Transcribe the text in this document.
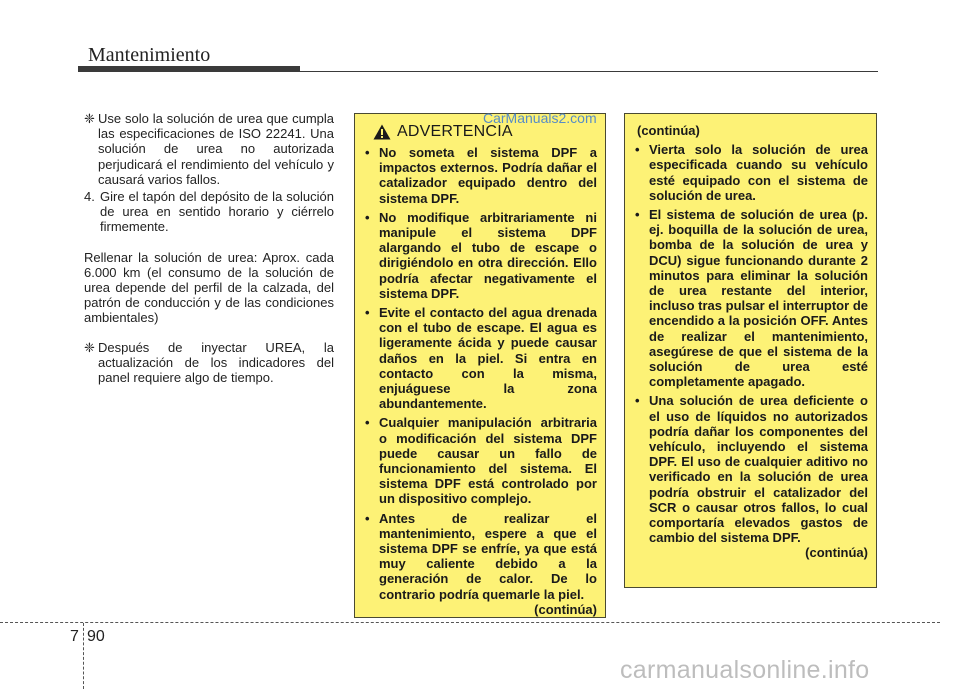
Mantenimiento
❈ Use solo la solución de urea que cumpla las especificaciones de ISO 22241. Una solución de urea no autorizada perjudicará el rendimiento del vehículo y causará varios fallos.
4. Gire el tapón del depósito de la solución de urea en sentido horario y ciérrelo firmemente.
Rellenar la solución de urea: Aprox. cada 6.000 km (el consumo de la solución de urea depende del perfil de la calzada, del patrón de conducción y de las condiciones ambientales)
❈ Después de inyectar UREA, la actualización de los indicadores del panel requiere algo de tiempo.
CarManuals2.com
ADVERTENCIA
• No someta el sistema DPF a impactos externos. Podría dañar el catalizador equipado dentro del sistema DPF.
• No modifique arbitrariamente ni manipule el sistema DPF alargando el tubo de escape o dirigiéndolo en otra dirección. Ello podría afectar negativamente el sistema DPF.
• Evite el contacto del agua drenada con el tubo de escape. El agua es ligeramente ácida y puede causar daños en la piel. Si entra en contacto con la misma, enjuáguese la zona abundantemente.
• Cualquier manipulación arbitraria o modificación del sistema DPF puede causar un fallo de funcionamiento del sistema. El sistema DPF está controlado por un dispositivo complejo.
• Antes de realizar el mantenimiento, espere a que el sistema DPF se enfríe, ya que está muy caliente debido a la generación de calor. De lo contrario podría quemarle la piel.
(continúa)
(continúa)
• Vierta solo la solución de urea especificada cuando su vehículo esté equipado con el sistema de solución de urea.
• El sistema de solución de urea (p. ej. boquilla de la solución de urea, bomba de la solución de urea y DCU) sigue funcionando durante 2 minutos para eliminar la solución de urea restante del interior, incluso tras pulsar el interruptor de encendido a la posición OFF. Antes de realizar el mantenimiento, asegúrese de que el sistema de la solución de urea esté completamente apagado.
• Una solución de urea deficiente o el uso de líquidos no autorizados podría dañar los componentes del vehículo, incluyendo el sistema DPF. El uso de cualquier aditivo no verificado en la solución de urea podría obstruir el catalizador del SCR o causar otros fallos, lo cual comportaría elevados gastos de cambio del sistema DPF.
(continúa)
7 90
carmanualsonline.info
